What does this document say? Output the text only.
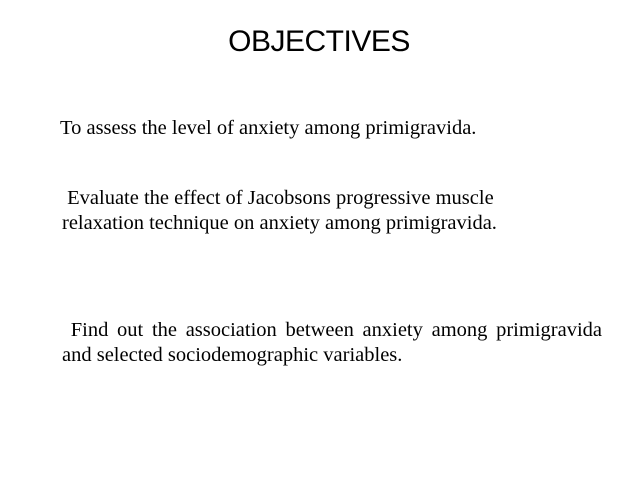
OBJECTIVES

To assess the level of anxiety among primigravida.

Evaluate the effect of Jacobsons progressive muscle relaxation technique on anxiety among primigravida.

Find out the association between anxiety among primigravida and selected sociodemographic variables.
